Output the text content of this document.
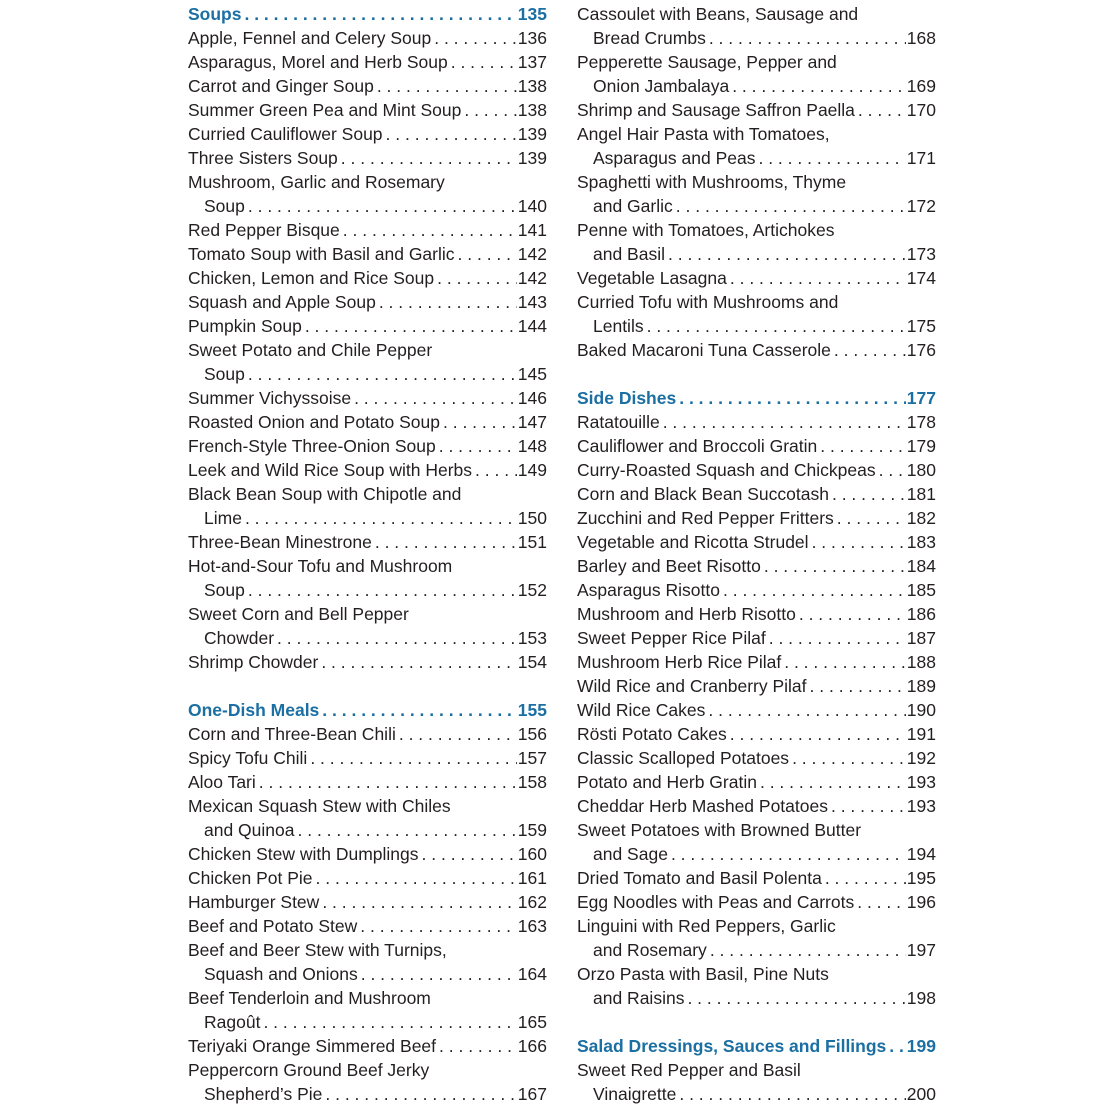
Soups . . .	135
Apple, Fennel and Celery Soup . . .	136
Asparagus, Morel and Herb Soup . . .	137
Carrot and Ginger Soup . . .	138
Summer Green Pea and Mint Soup . . .	138
Curried Cauliflower Soup . . .	139
Three Sisters Soup . . .	139
Mushroom, Garlic and Rosemary
Soup . . .	140
Red Pepper Bisque . . .	141
Tomato Soup with Basil and Garlic . . .	142
Chicken, Lemon and Rice Soup . . .	142
Squash and Apple Soup . . .	143
Pumpkin Soup . . .	144
Sweet Potato and Chile Pepper
Soup . . .	145
Summer Vichyssoise . . .	146
Roasted Onion and Potato Soup . . .	147
French-Style Three-Onion Soup . . .	148
Leek and Wild Rice Soup with Herbs . . .	149
Black Bean Soup with Chipotle and
Lime . . .	150
Three-Bean Minestrone . . .	151
Hot-and-Sour Tofu and Mushroom
Soup . . .	152
Sweet Corn and Bell Pepper
Chowder . . .	153
Shrimp Chowder . . .	154
One-Dish Meals . . .	155
Corn and Three-Bean Chili . . .	156
Spicy Tofu Chili . . .	157
Aloo Tari . . .	158
Mexican Squash Stew with Chiles
and Quinoa . . .	159
Chicken Stew with Dumplings . . .	160
Chicken Pot Pie . . .	161
Hamburger Stew . . .	162
Beef and Potato Stew . . .	163
Beef and Beer Stew with Turnips,
Squash and Onions . . .	164
Beef Tenderloin and Mushroom
Ragoût . . .	165
Teriyaki Orange Simmered Beef . . .	166
Peppercorn Ground Beef Jerky
Shepherd’s Pie . . .	167
Cassoulet with Beans, Sausage and
Bread Crumbs . . .	168
Pepperette Sausage, Pepper and
Onion Jambalaya . . .	169
Shrimp and Sausage Saffron Paella . . .	170
Angel Hair Pasta with Tomatoes,
Asparagus and Peas . . .	171
Spaghetti with Mushrooms, Thyme
and Garlic . . .	172
Penne with Tomatoes, Artichokes
and Basil . . .	173
Vegetable Lasagna . . .	174
Curried Tofu with Mushrooms and
Lentils . . .	175
Baked Macaroni Tuna Casserole . . .	176
Side Dishes . . .	177
Ratatouille . . .	178
Cauliflower and Broccoli Gratin . . .	179
Curry-Roasted Squash and Chickpeas . . . 180
Corn and Black Bean Succotash . . .	181
Zucchini and Red Pepper Fritters . . .	182
Vegetable and Ricotta Strudel . . .	183
Barley and Beet Risotto . . .	184
Asparagus Risotto . . .	185
Mushroom and Herb Risotto . . .	186
Sweet Pepper Rice Pilaf . . .	187
Mushroom Herb Rice Pilaf . . .	188
Wild Rice and Cranberry Pilaf . . .	189
Wild Rice Cakes . . .	190
Rösti Potato Cakes . . .	191
Classic Scalloped Potatoes . . .	192
Potato and Herb Gratin . . .	193
Cheddar Herb Mashed Potatoes . . .	193
Sweet Potatoes with Browned Butter
and Sage . . .	194
Dried Tomato and Basil Polenta . . .	195
Egg Noodles with Peas and Carrots . . .	196
Linguini with Red Peppers, Garlic
and Rosemary . . .	197
Orzo Pasta with Basil, Pine Nuts
and Raisins . . .	198
Salad Dressings, Sauces and Fillings . . . 199
Sweet Red Pepper and Basil
Vinaigrette . . .	200
